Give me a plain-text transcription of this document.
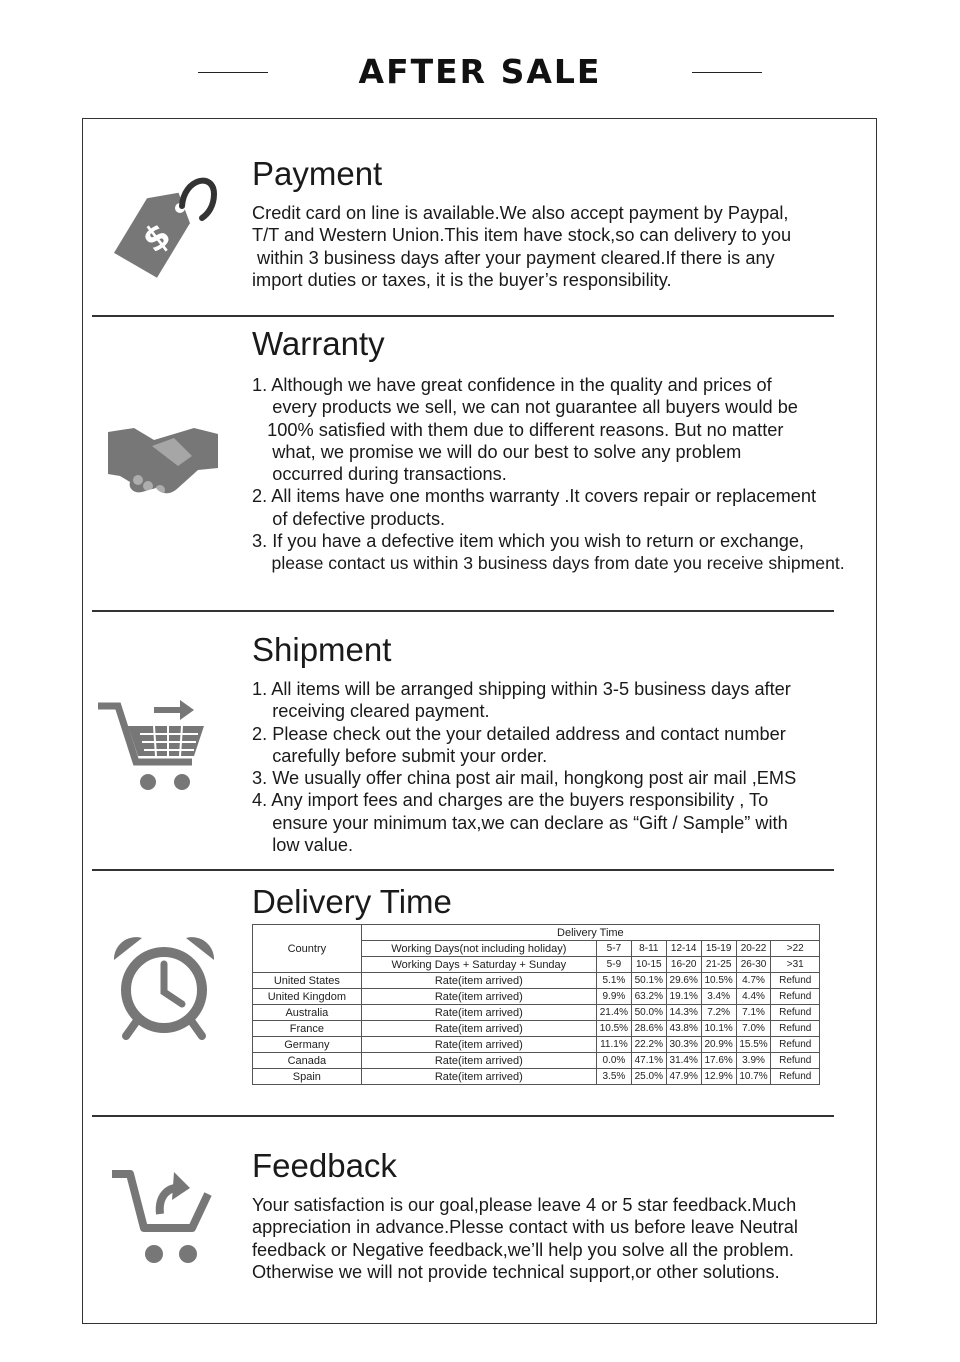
AFTER SALE
$
Payment
Credit card on line is available.We also accept payment by Paypal,
T/T and Western Union.This item have stock,so can delivery to you
within 3 business days after your payment cleared.If there is any
import duties or taxes, it is the buyer’s responsibility.
Warranty
1. Although we have great confidence in the quality and prices of
every products we sell, we can not guarantee all buyers would be
100% satisfied with them due to different reasons. But no matter
what, we promise we will do our best to solve any problem
occurred during transactions.
2. All items have one months warranty .It covers repair or replacement
of defective products.
3. If you have a defective item which you wish to return or exchange,
please contact us within 3 business days from date you receive shipment.
Shipment
1. All items will be arranged shipping within 3-5 business days after
receiving cleared payment.
2. Please check out the your detailed address and contact number
carefully before submit your order.
3. We usually offer china post air mail, hongkong post air mail ,EMS
4. Any import fees and charges are the buyers responsibility , To
ensure your minimum tax,we can declare as “Gift / Sample” with
low value.
Delivery Time
Country	Delivery Time						
	Working Days(not including holiday)	5-7	8-11	12-14	15-19	20-22	>22
	Working Days + Saturday + Sunday	5-9	10-15	16-20	21-25	26-30	>31
United States	Rate(item arrived)	5.1%	50.1%	29.6%	10.5%	4.7%	Refund
United Kingdom	Rate(item arrived)	9.9%	63.2%	19.1%	3.4%	4.4%	Refund
Australia	Rate(item arrived)	21.4%	50.0%	14.3%	7.2%	7.1%	Refund
France	Rate(item arrived)	10.5%	28.6%	43.8%	10.1%	7.0%	Refund
Germany	Rate(item arrived)	11.1%	22.2%	30.3%	20.9%	15.5%	Refund
Canada	Rate(item arrived)	0.0%	47.1%	31.4%	17.6%	3.9%	Refund
Spain	Rate(item arrived)	3.5%	25.0%	47.9%	12.9%	10.7%	Refund
Feedback
Your satisfaction is our goal,please leave 4 or 5 star feedback.Much
appreciation in advance.Plesse contact with us before leave Neutral
feedback or Negative feedback,we’ll help you solve all the problem.
Otherwise we will not provide technical support,or other solutions.
